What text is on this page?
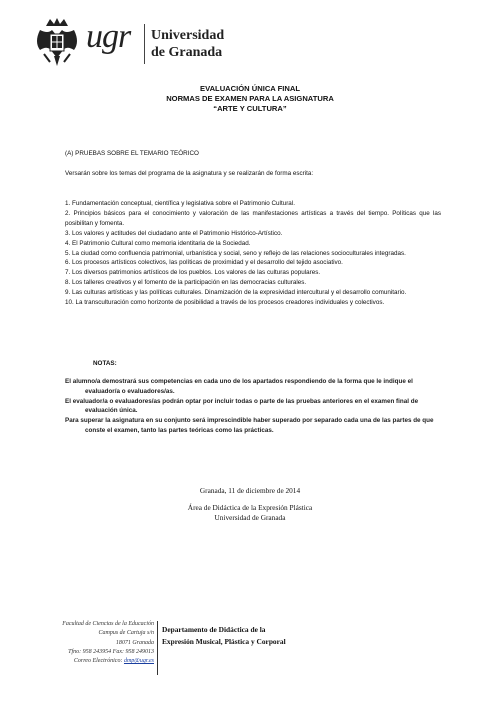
ugr Universidad
de Granada
EVALUACIÓN ÚNICA FINAL
NORMAS DE EXAMEN PARA LA ASIGNATURA
“ARTE Y CULTURA”
(A) PRUEBAS SOBRE EL TEMARIO TEÓRICO
Versarán sobre los temas del programa de la asignatura y se realizarán de forma escrita:
1. Fundamentación conceptual, científica y legislativa sobre el Patrimonio Cultural.
2. Principios básicos para el conocimiento y valoración de las manifestaciones artísticas a través del tiempo. Políticas que las posibilitan y fomenta.
3. Los valores y actitudes del ciudadano ante el Patrimonio Histórico-Artístico.
4. El Patrimonio Cultural como memoria identitaria de la Sociedad.
5. La ciudad como confluencia patrimonial, urbanística y social, seno y reflejo de las relaciones socioculturales integradas.
6. Los procesos artísticos colectivos, las políticas de proximidad y el desarrollo del tejido asociativo.
7. Los diversos patrimonios artísticos de los pueblos. Los valores de las culturas populares.
8. Los talleres creativos y el fomento de la participación en las democracias culturales.
9. Las culturas artísticas y las políticas culturales. Dinamización de la expresividad intercultural y el desarrollo comunitario.
10. La transculturación como horizonte de posibilidad a través de los procesos creadores individuales y colectivos.
NOTAS:
El alumno/a demostrará sus competencias en cada uno de los apartados respondiendo de la forma que le indique el evaluador/a o evaluadores/as.
El evaluador/a o evaluadores/as podrán optar por incluir todas o parte de las pruebas anteriores en el examen final de evaluación única.
Para superar la asignatura en su conjunto será imprescindible haber superado por separado cada una de las partes de que conste el examen, tanto las partes teóricas como las prácticas.
Granada, 11 de diciembre de 2014
Área de Didáctica de la Expresión Plástica
Universidad de Granada
Facultad de Ciencias de la Educación
Campus de Cartuja s/n
18071 Granada
Tfno: 958 243954 Fax: 958 249013
Correo Electrónico: dmp@ugr.es
Departamento de Didáctica de la
Expresión Musical, Plástica y Corporal
